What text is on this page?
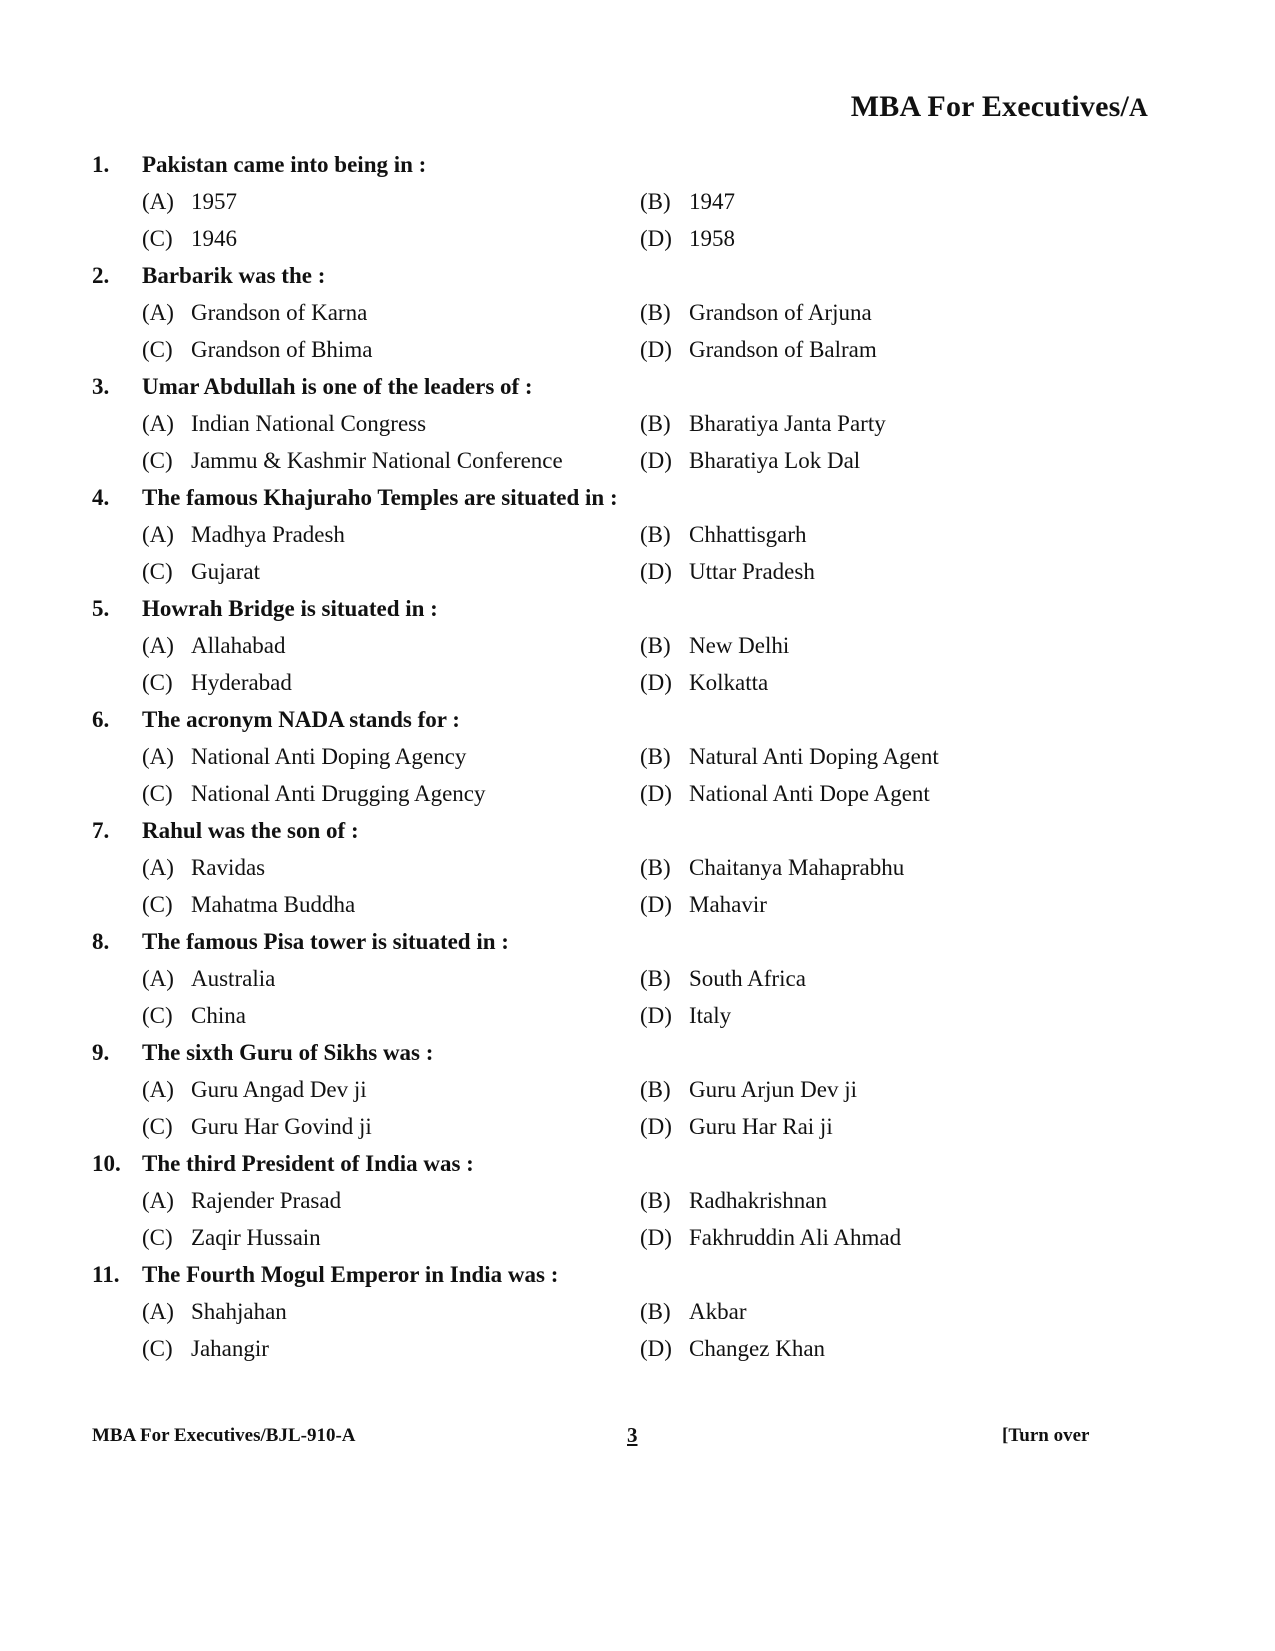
MBA For Executives/A
1. Pakistan came into being in :
(A) 1957	(B) 1947
(C) 1946	(D) 1958
2. Barbarik was the :
(A) Grandson of Karna	(B) Grandson of Arjuna
(C) Grandson of Bhima	(D) Grandson of Balram
3. Umar Abdullah is one of the leaders of :
(A) Indian National Congress	(B) Bharatiya Janta Party
(C) Jammu & Kashmir National Conference	(D) Bharatiya Lok Dal
4. The famous Khajuraho Temples are situated in :
(A) Madhya Pradesh	(B) Chhattisgarh
(C) Gujarat	(D) Uttar Pradesh
5. Howrah Bridge is situated in :
(A) Allahabad	(B) New Delhi
(C) Hyderabad	(D) Kolkatta
6. The acronym NADA stands for :
(A) National Anti Doping Agency	(B) Natural Anti Doping Agent
(C) National Anti Drugging Agency	(D) National Anti Dope Agent
7. Rahul was the son of :
(A) Ravidas	(B) Chaitanya Mahaprabhu
(C) Mahatma Buddha	(D) Mahavir
8. The famous Pisa tower is situated in :
(A) Australia	(B) South Africa
(C) China	(D) Italy
9. The sixth Guru of Sikhs was :
(A) Guru Angad Dev ji	(B) Guru Arjun Dev ji
(C) Guru Har Govind ji	(D) Guru Har Rai ji
10. The third President of India was :
(A) Rajender Prasad	(B) Radhakrishnan
(C) Zaqir Hussain	(D) Fakhruddin Ali Ahmad
11. The Fourth Mogul Emperor in India was :
(A) Shahjahan	(B) Akbar
(C) Jahangir	(D) Changez Khan
MBA For Executives/BJL-910-A	3	[Turn over
